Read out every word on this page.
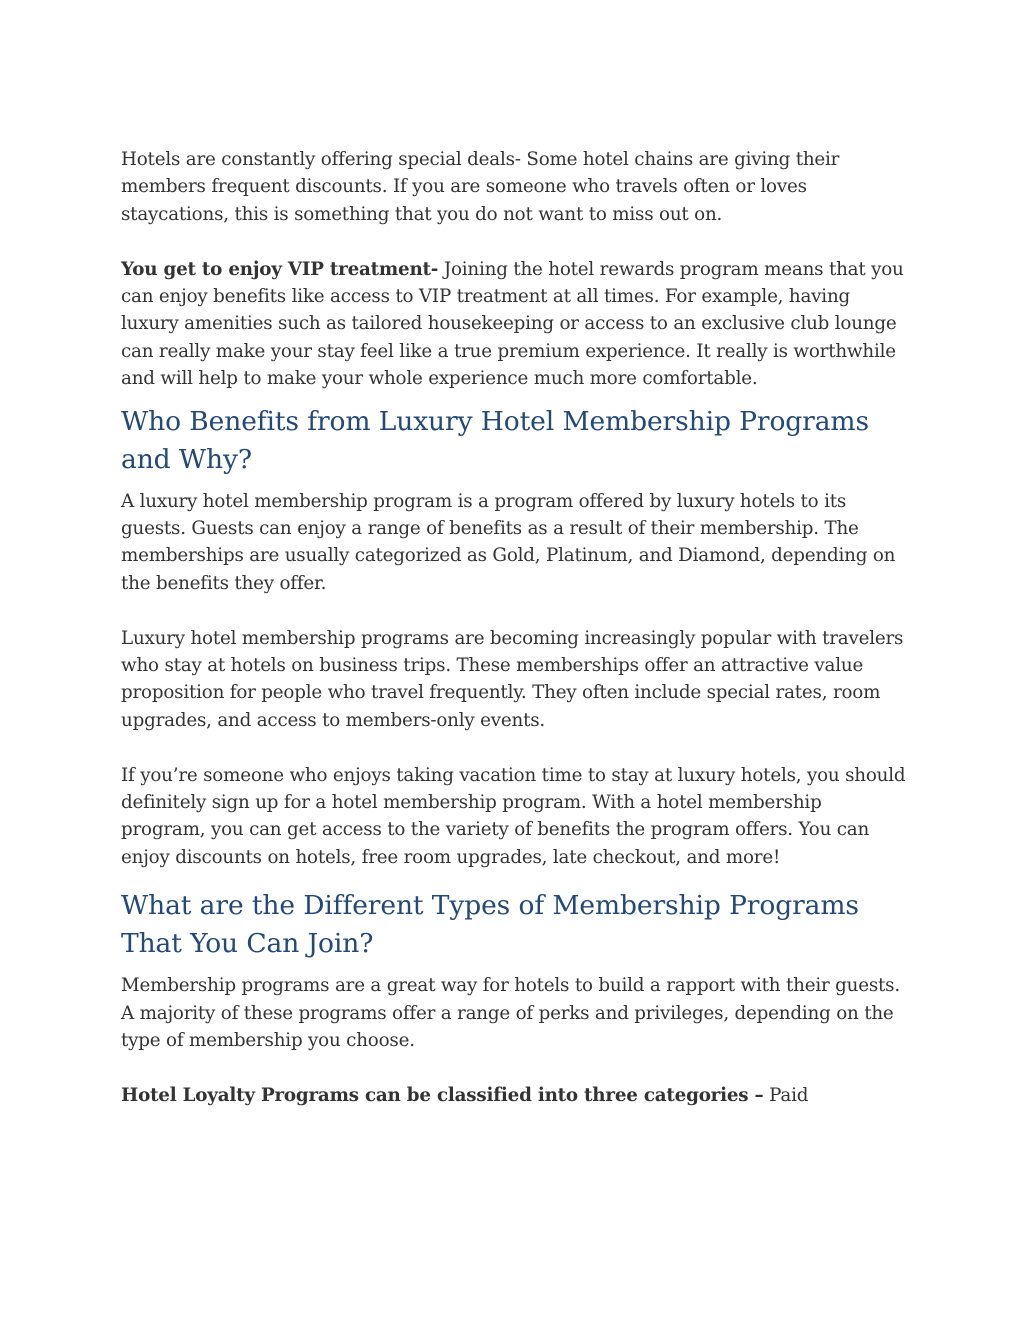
Hotels are constantly offering special deals- Some hotel chains are giving their members frequent discounts. If you are someone who travels often or loves staycations, this is something that you do not want to miss out on.

You get to enjoy VIP treatment- Joining the hotel rewards program means that you can enjoy benefits like access to VIP treatment at all times. For example, having luxury amenities such as tailored housekeeping or access to an exclusive club lounge can really make your stay feel like a true premium experience. It really is worthwhile and will help to make your whole experience much more comfortable.

Who Benefits from Luxury Hotel Membership Programs and Why?

A luxury hotel membership program is a program offered by luxury hotels to its guests. Guests can enjoy a range of benefits as a result of their membership. The memberships are usually categorized as Gold, Platinum, and Diamond, depending on the benefits they offer.

Luxury hotel membership programs are becoming increasingly popular with travelers who stay at hotels on business trips. These memberships offer an attractive value proposition for people who travel frequently. They often include special rates, room upgrades, and access to members-only events.

If you’re someone who enjoys taking vacation time to stay at luxury hotels, you should definitely sign up for a hotel membership program. With a hotel membership program, you can get access to the variety of benefits the program offers. You can enjoy discounts on hotels, free room upgrades, late checkout, and more!

What are the Different Types of Membership Programs That You Can Join?

Membership programs are a great way for hotels to build a rapport with their guests. A majority of these programs offer a range of perks and privileges, depending on the type of membership you choose.

Hotel Loyalty Programs can be classified into three categories – Paid
